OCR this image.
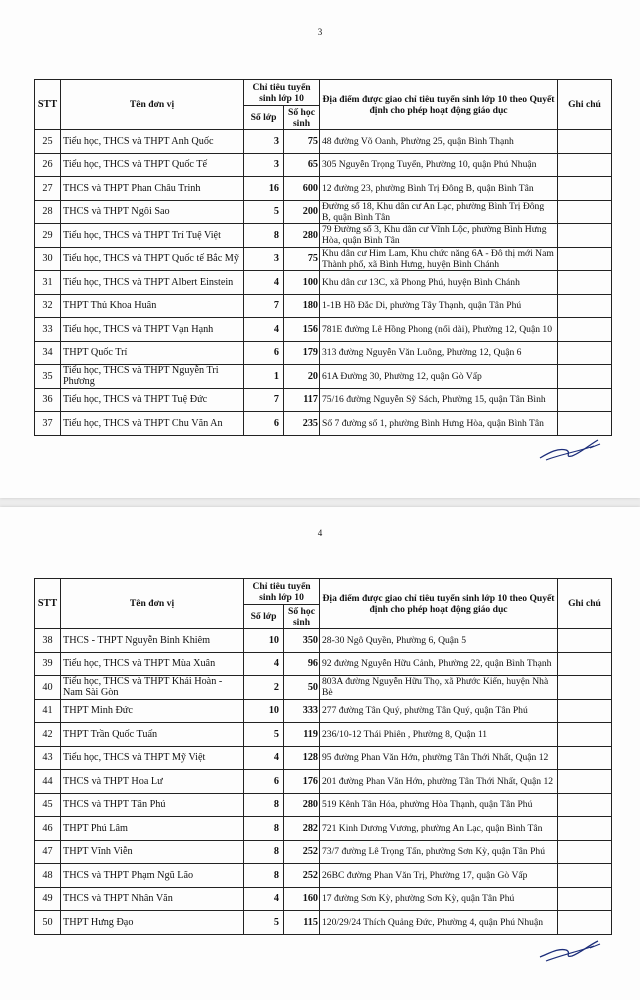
3
STT	Tên đơn vị	Chỉ tiêu tuyển sinh lớp 10		Địa điểm được giao chỉ tiêu tuyển sinh lớp 10 theo Quyết định cho phép hoạt động giáo dục	Ghi chú
		Số lớp	Số học sinh		
25	Tiểu học, THCS và THPT Anh Quốc	3	75	48 đường Võ Oanh, Phường 25, quận Bình Thạnh	
26	Tiểu học, THCS và THPT Quốc Tế	3	65	305 Nguyễn Trọng Tuyển, Phường 10, quận Phú Nhuận	
27	THCS và THPT Phan Châu Trinh	16	600	12 đường 23, phường Bình Trị Đông B, quận Bình Tân	
28	THCS và THPT Ngôi Sao	5	200	Đường số 18, Khu dân cư An Lạc, phường Bình Trị Đông B, quận Bình Tân	
29	Tiểu học, THCS và THPT Trí Tuệ Việt	8	280	79 Đường số 3, Khu dân cư Vĩnh Lộc, phường Bình Hưng Hòa, quận Bình Tân	
30	Tiểu học, THCS và THPT Quốc tế Bắc Mỹ	3	75	Khu dân cư Him Lam, Khu chức năng 6A - Đô thị mới Nam Thành phố, xã Bình Hưng, huyện Bình Chánh	
31	Tiểu học, THCS và THPT Albert Einstein	4	100	Khu dân cư 13C, xã Phong Phú, huyện Bình Chánh	
32	THPT Thủ Khoa Huân	7	180	1-1B Hồ Đắc Di, phường Tây Thạnh, quận Tân Phú	
33	Tiểu học, THCS và THPT Vạn Hạnh	4	156	781E đường Lê Hồng Phong (nối dài), Phường 12, Quận 10	
34	THPT Quốc Trí	6	179	313 đường Nguyễn Văn Luông, Phường 12, Quận 6	
35	Tiểu học, THCS và THPT Nguyễn Tri Phương	1	20	61A Đường 30, Phường 12, quận Gò Vấp	
36	Tiểu học, THCS và THPT Tuệ Đức	7	117	75/16 đường Nguyễn Sỹ Sách, Phường 15, quận Tân Bình	
37	Tiểu học, THCS và THPT Chu Văn An	6	235	Số 7 đường số 1, phường Bình Hưng Hòa, quận Bình Tân	
4
STT	Tên đơn vị	Chỉ tiêu tuyển sinh lớp 10		Địa điểm được giao chỉ tiêu tuyển sinh lớp 10 theo Quyết định cho phép hoạt động giáo dục	Ghi chú
		Số lớp	Số học sinh		
38	THCS - THPT Nguyễn Bỉnh Khiêm	10	350	28-30 Ngô Quyền, Phường 6, Quận 5	
39	Tiểu học, THCS và THPT Mùa Xuân	4	96	92 đường Nguyễn Hữu Cảnh, Phường 22, quận Bình Thạnh	
40	Tiểu học, THCS và THPT Khải Hoàn - Nam Sài Gòn	2	50	803A đường Nguyễn Hữu Thọ, xã Phước Kiển, huyện Nhà Bè	
41	THPT Minh Đức	10	333	277 đường Tân Quý, phường Tân Quý, quận Tân Phú	
42	THPT Trần Quốc Tuấn	5	119	236/10-12 Thái Phiên , Phường 8, Quận 11	
43	Tiểu học, THCS và THPT Mỹ Việt	4	128	95 đường Phan Văn Hớn, phường Tân Thới Nhất, Quận 12	
44	THCS và THPT Hoa Lư	6	176	201 đường Phan Văn Hớn, phường Tân Thới Nhất, Quận 12	
45	THCS và THPT Tân Phú	8	280	519 Kênh Tân Hóa, phường Hòa Thạnh, quận Tân Phú	
46	THPT Phú Lâm	8	282	721 Kinh Dương Vương, phường An Lạc, quận Bình Tân	
47	THPT Vĩnh Viễn	8	252	73/7 đường Lê Trọng Tấn, phường Sơn Kỳ, quận Tân Phú	
48	THCS và THPT Phạm Ngũ Lão	8	252	26BC đường Phan Văn Trị, Phường 17, quận Gò Vấp	
49	THCS và THPT Nhân Văn	4	160	17 đường Sơn Kỳ, phường Sơn Kỳ, quận Tân Phú	
50	THPT Hưng Đạo	5	115	120/29/24 Thích Quảng Đức, Phường 4, quận Phú Nhuận	
